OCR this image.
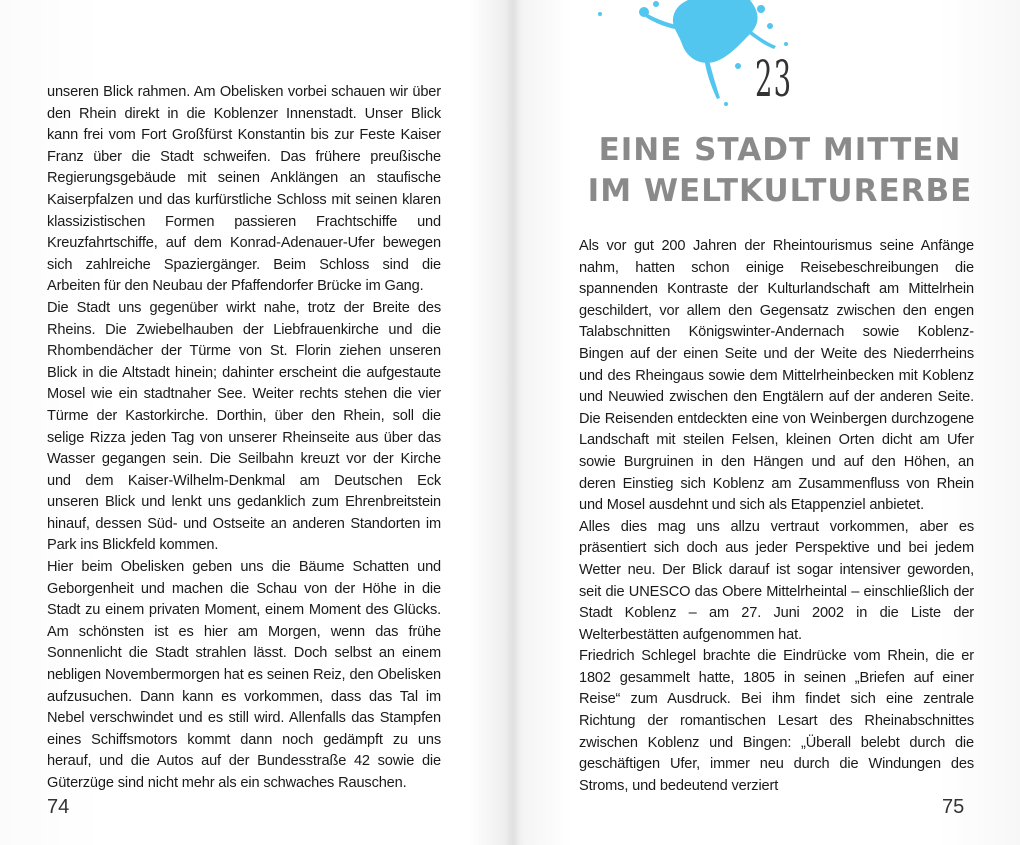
unseren Blick rahmen. Am Obelisken vorbei schauen wir über den Rhein direkt in die Koblenzer Innenstadt. Unser Blick kann frei vom Fort Großfürst Konstantin bis zur Feste Kaiser Franz über die Stadt schweifen. Das frühere preußische Regierungsgebäude mit seinen Anklängen an staufische Kaiserpfalzen und das kurfürstliche Schloss mit seinen klaren klassizistischen Formen passieren Frachtschiffe und Kreuzfahrtschiffe, auf dem Konrad-Adenauer-Ufer bewegen sich zahlreiche Spaziergänger. Beim Schloss sind die Arbeiten für den Neubau der Pfaffendorfer Brücke im Gang.

Die Stadt uns gegenüber wirkt nahe, trotz der Breite des Rheins. Die Zwiebelhauben der Liebfrauenkirche und die Rhombendächer der Türme von St. Florin ziehen unseren Blick in die Altstadt hinein; dahinter erscheint die aufgestaute Mosel wie ein stadtnaher See. Weiter rechts stehen die vier Türme der Kastorkirche. Dorthin, über den Rhein, soll die selige Rizza jeden Tag von unserer Rheinseite aus über das Wasser gegangen sein. Die Seilbahn kreuzt vor der Kirche und dem Kaiser-Wilhelm-Denkmal am Deutschen Eck unseren Blick und lenkt uns gedanklich zum Ehrenbreitstein hinauf, dessen Süd- und Ostseite an anderen Standorten im Park ins Blickfeld kommen.

Hier beim Obelisken geben uns die Bäume Schatten und Geborgenheit und machen die Schau von der Höhe in die Stadt zu einem privaten Moment, einem Moment des Glücks. Am schönsten ist es hier am Morgen, wenn das frühe Sonnenlicht die Stadt strahlen lässt. Doch selbst an einem nebligen Novembermorgen hat es seinen Reiz, den Obelisken aufzusuchen. Dann kann es vorkommen, dass das Tal im Nebel verschwindet und es still wird. Allenfalls das Stampfen eines Schiffsmotors kommt dann noch gedämpft zu uns herauf, und die Autos auf der Bundesstraße 42 sowie die Güterzüge sind nicht mehr als ein schwaches Rauschen.

74
23
EINE STADT MITTEN
IM WELTKULTURERBE

Als vor gut 200 Jahren der Rheintourismus seine Anfänge nahm, hatten schon einige Reisebeschreibungen die spannenden Kontraste der Kulturlandschaft am Mittelrhein geschildert, vor allem den Gegensatz zwischen den engen Talabschnitten Königswinter-Andernach sowie Koblenz-Bingen auf der einen Seite und der Weite des Niederrheins und des Rheingaus sowie dem Mittelrheinbecken mit Koblenz und Neuwied zwischen den Engtälern auf der anderen Seite. Die Reisenden entdeckten eine von Weinbergen durchzogene Landschaft mit steilen Felsen, kleinen Orten dicht am Ufer sowie Burgruinen in den Hängen und auf den Höhen, an deren Einstieg sich Koblenz am Zusammenfluss von Rhein und Mosel ausdehnt und sich als Etappenziel anbietet.

Alles dies mag uns allzu vertraut vorkommen, aber es präsentiert sich doch aus jeder Perspektive und bei jedem Wetter neu. Der Blick darauf ist sogar intensiver geworden, seit die UNESCO das Obere Mittelrheintal – einschließlich der Stadt Koblenz – am 27. Juni 2002 in die Liste der Welterbestätten aufgenommen hat.

Friedrich Schlegel brachte die Eindrücke vom Rhein, die er 1802 gesammelt hatte, 1805 in seinen „Briefen auf einer Reise“ zum Ausdruck. Bei ihm findet sich eine zentrale Richtung der romantischen Lesart des Rheinabschnittes zwischen Koblenz und Bingen: „Überall belebt durch die geschäftigen Ufer, immer neu durch die Windungen des Stroms, und bedeutend verziert

75
